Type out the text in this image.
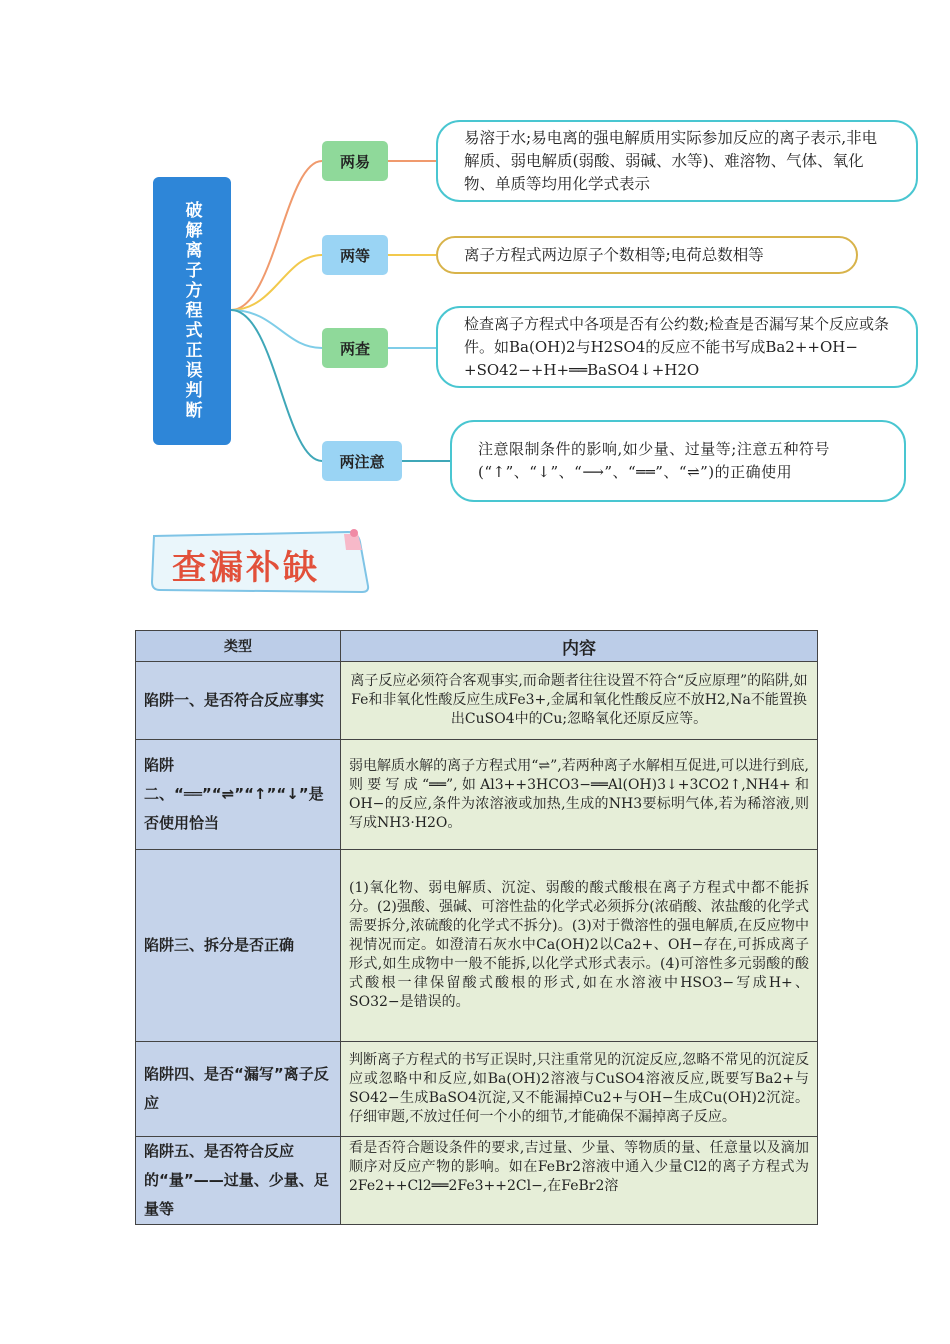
破解离子方程式正误判断
两易
两等
两查
两注意
易溶于水;易电离的强电解质用实际参加反应的离子表示,非电解质、弱电解质(弱酸、弱碱、水等)、难溶物、气体、氧化物、单质等均用化学式表示
离子方程式两边原子个数相等;电荷总数相等
检查离子方程式中各项是否有公约数;检查是否漏写某个反应或条件。如Ba(OH)2与H2SO4的反应不能书写成Ba2++OH−+SO42−+H+══BaSO4↓+H2O
注意限制条件的影响,如少量、过量等;注意五种符号(“↑”、“↓”、“⟶”、“══”、“⇌”)的正确使用
查漏补缺
类型	内容
陷阱一、是否符合反应事实	离子反应必须符合客观事实,而命题者往往设置不符合“反应原理”的陷阱,如Fe和非氧化性酸反应生成Fe3+,金属和氧化性酸反应不放H2,Na不能置换出CuSO4中的Cu;忽略氧化还原反应等。
陷阱二、“══”“⇌”“↑”“↓”是否使用恰当	弱电解质水解的离子方程式用“⇌”,若两种离子水解相互促进,可以进行到底,则要写成“══”,如Al3++3HCO3−══Al(OH)3↓+3CO2↑,NH4+和OH−的反应,条件为浓溶液或加热,生成的NH3要标明气体,若为稀溶液,则写成NH3·H2O。
陷阱三、拆分是否正确	(1)氧化物、弱电解质、沉淀、弱酸的酸式酸根在离子方程式中都不能拆分。(2)强酸、强碱、可溶性盐的化学式必须拆分(浓硝酸、浓盐酸的化学式需要拆分,浓硫酸的化学式不拆分)。(3)对于微溶性的强电解质,在反应物中视情况而定。如澄清石灰水中Ca(OH)2以Ca2+、OH−存在,可拆成离子形式,如生成物中一般不能拆,以化学式形式表示。(4)可溶性多元弱酸的酸式酸根一律保留酸式酸根的形式,如在水溶液中HSO3−写成H+、SO32−是错误的。
陷阱四、是否“漏写”离子反应	判断离子方程式的书写正误时,只注重常见的沉淀反应,忽略不常见的沉淀反应或忽略中和反应,如Ba(OH)2溶液与CuSO4溶液反应,既要写Ba2+与SO42−生成BaSO4沉淀,又不能漏掉Cu2+与OH−生成Cu(OH)2沉淀。仔细审题,不放过任何一个小的细节,才能确保不漏掉离子反应。
陷阱五、是否符合反应的“量”——过量、少量、足量等	看是否符合题设条件的要求,吉过量、少量、等物质的量、任意量以及滴加顺序对反应产物的影响。如在FeBr2溶液中通入少量Cl2的离子方程式为2Fe2++Cl2══2Fe3++2Cl−,在FeBr2溶
